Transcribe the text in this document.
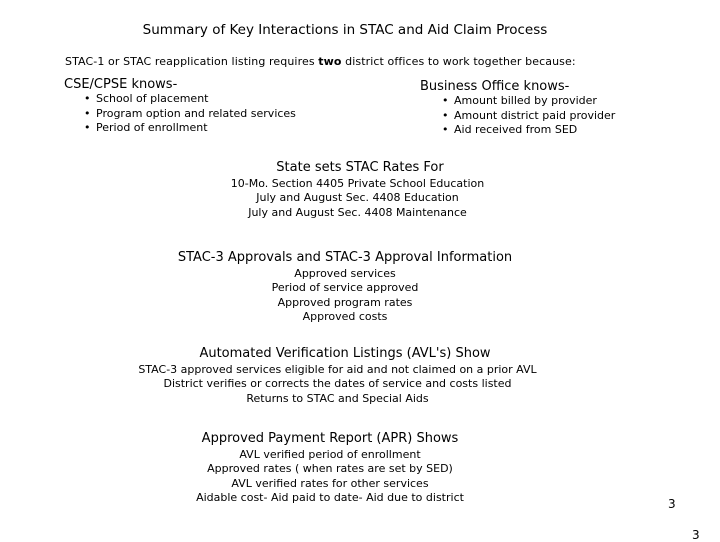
Summary of Key Interactions in STAC and Aid Claim Process
STAC-1 or STAC reapplication listing requires two district offices to work together because:
CSE/CPSE knows-
• School of placement
• Program option and related services
• Period of enrollment
Business Office knows-
• Amount billed by provider
• Amount district paid provider
• Aid received from SED
State sets STAC Rates For
10-Mo. Section 4405 Private School Education
July and August Sec. 4408 Education
July and August Sec. 4408 Maintenance
STAC-3 Approvals and STAC-3 Approval Information
Approved services
Period of service approved
Approved program rates
Approved costs
Automated Verification Listings (AVL's) Show
STAC-3 approved services eligible for aid and not claimed on a prior AVL
District verifies or corrects the dates of service and costs listed
Returns to STAC and Special Aids
Approved Payment Report (APR) Shows
AVL verified period of enrollment
Approved rates ( when rates are set by SED)
AVL verified rates for other services
Aidable cost- Aid paid to date- Aid due to district	3
3
